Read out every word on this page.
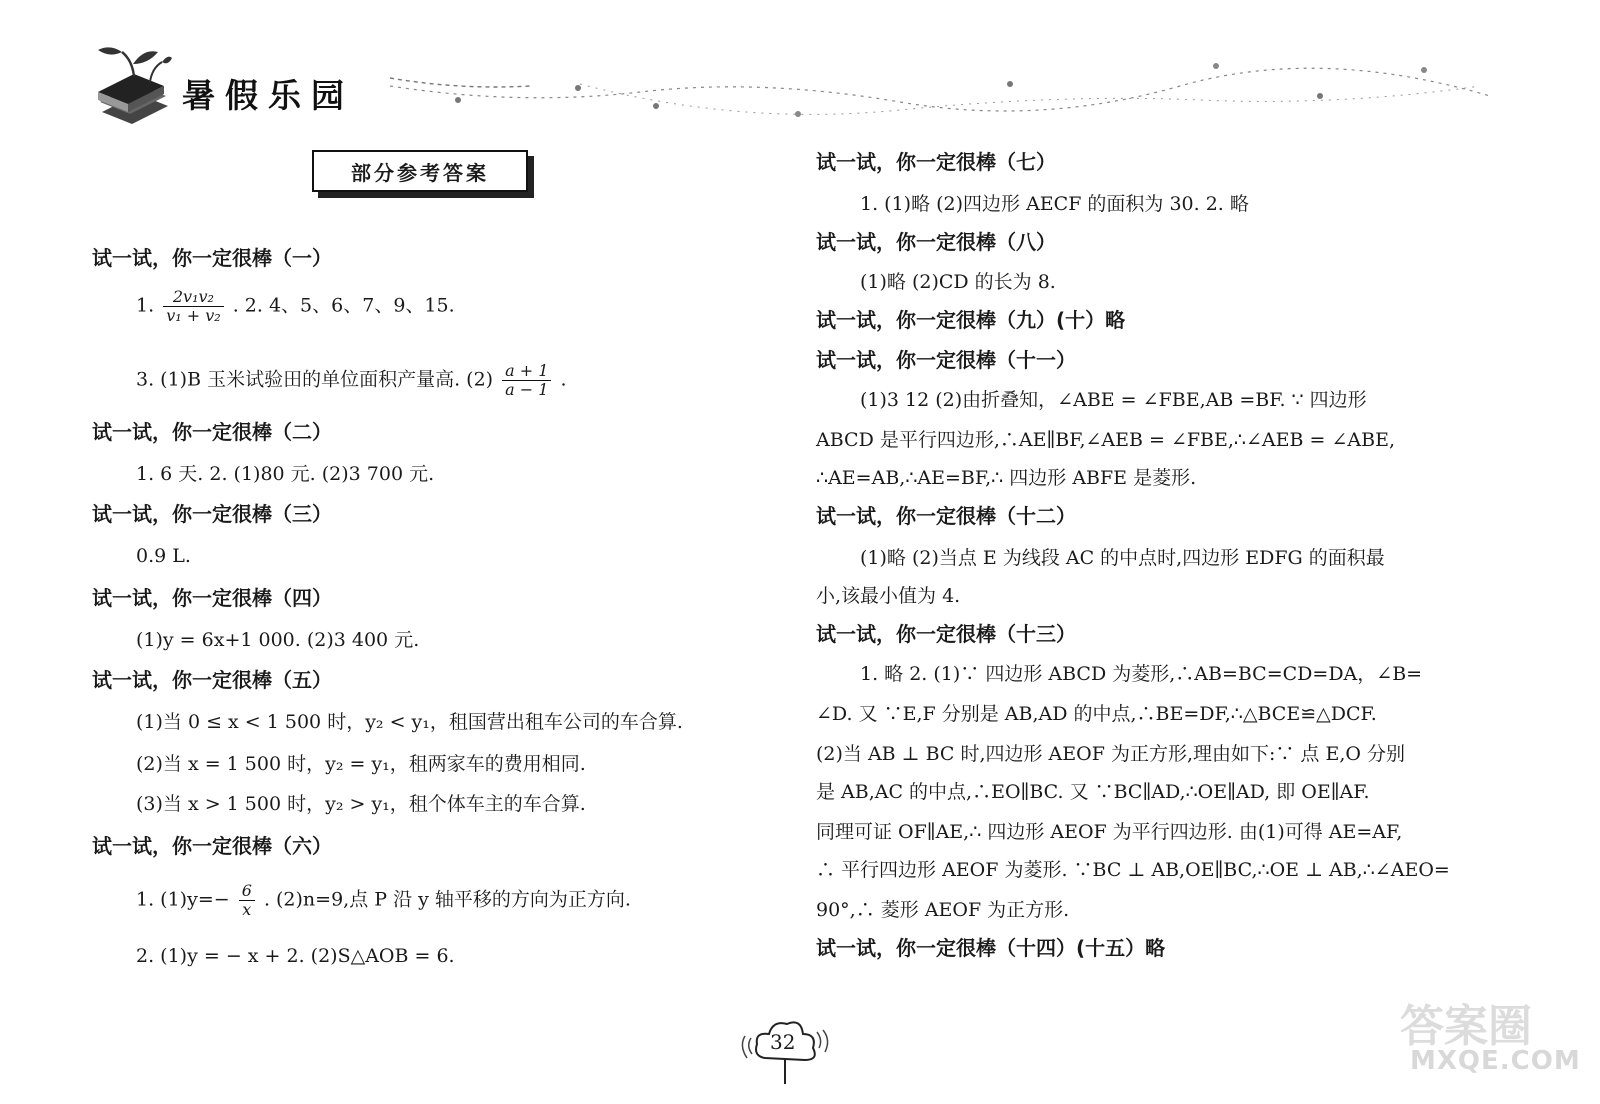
暑假乐园
部分参考答案
试一试，你一定很棒（一）
1. $\frac{\text{2v₁v₂}}{\text{v₁ + v₂}}$ . 2. 4、5、6、7、9、15.
3. (1)B 玉米试验田的单位面积产量高. $(2) \frac{a + 1}{a - 1}$ .
试一试，你一定很棒（二）
1. 6 天. 2. (1)80 元. (2)3 700 元.
试一试，你一定很棒（三）
0.9 L.
试一试，你一定很棒（四）
(1)y = 6x+1 000. (2)3 400 元.
试一试，你一定很棒（五）
(1)当 0 ≤ x < 1 500 时，y₂ < y₁，租国营出租车公司的车合算.
(2)当 x = 1 500 时，y₂ = y₁，租两家车的费用相同.
(3)当 x > 1 500 时，y₂ > y₁，租个体车主的车合算.
试一试，你一定很棒（六）
1. $(1)y=- \frac{6}{x}$ . (2)n=9,点 P 沿 y 轴平移的方向为正方向.
2. (1)y = − x + 2. (2)S△AOB = 6.
试一试，你一定很棒（七）
1. (1)略 (2)四边形 AECF 的面积为 30. 2. 略
试一试，你一定很棒（八）
(1)略 (2)CD 的长为 8.
试一试，你一定很棒（九）(十）略
试一试，你一定很棒（十一）
(1)3 12 (2)由折叠知，∠ABE = ∠FBE,AB =BF. ∵ 四边形
ABCD 是平行四边形,∴AE∥BF,∠AEB = ∠FBE,∴∠AEB = ∠ABE,
∴AE=AB,∴AE=BF,∴ 四边形 ABFE 是菱形.
试一试，你一定很棒（十二）
(1)略 (2)当点 E 为线段 AC 的中点时,四边形 EDFG 的面积最
小,该最小值为 4.
试一试，你一定很棒（十三）
1. 略 2. (1)∵ 四边形 ABCD 为菱形,∴AB=BC=CD=DA，∠B=
∠D. 又 ∵E,F 分别是 AB,AD 的中点,∴BE=DF,∴△BCE≌△DCF.
(2)当 AB ⊥ BC 时,四边形 AEOF 为正方形,理由如下:∵ 点 E,O 分别
是 AB,AC 的中点,∴EO∥BC. 又 ∵BC∥AD,∴OE∥AD, 即 OE∥AF.
同理可证 OF∥AE,∴ 四边形 AEOF 为平行四边形. 由(1)可得 AE=AF,
∴ 平行四边形 AEOF 为菱形. ∵BC ⊥ AB,OE∥BC,∴OE ⊥ AB,∴∠AEO=
90°,∴ 菱形 AEOF 为正方形.
试一试，你一定很棒（十四）(十五）略
32	答案圈
MXQE.COM
